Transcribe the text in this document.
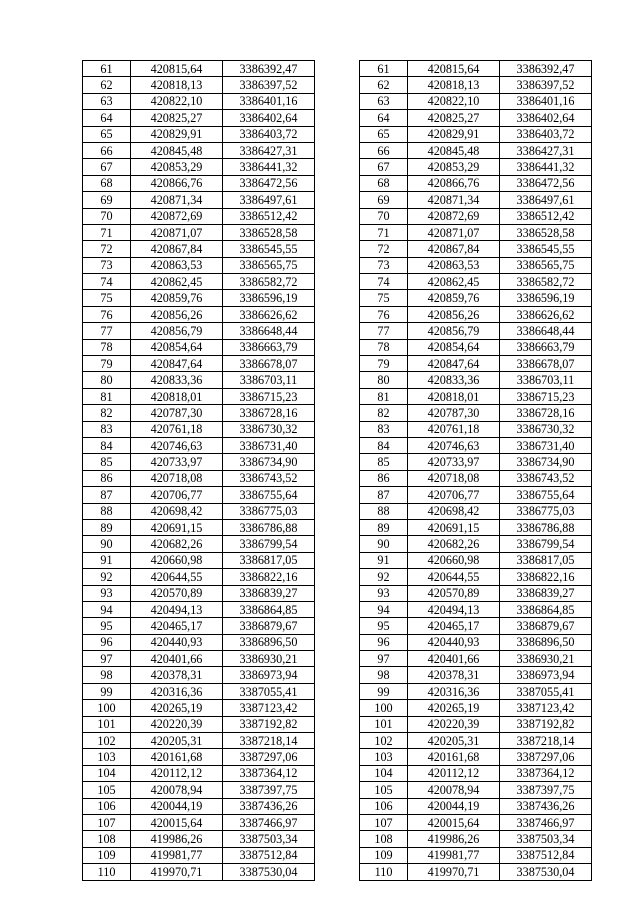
61	420815,64	3386392,47		61	420815,64	3386392,47
62	420818,13	3386397,52		62	420818,13	3386397,52
63	420822,10	3386401,16		63	420822,10	3386401,16
64	420825,27	3386402,64		64	420825,27	3386402,64
65	420829,91	3386403,72		65	420829,91	3386403,72
66	420845,48	3386427,31		66	420845,48	3386427,31
67	420853,29	3386441,32		67	420853,29	3386441,32
68	420866,76	3386472,56		68	420866,76	3386472,56
69	420871,34	3386497,61		69	420871,34	3386497,61
70	420872,69	3386512,42		70	420872,69	3386512,42
71	420871,07	3386528,58		71	420871,07	3386528,58
72	420867,84	3386545,55		72	420867,84	3386545,55
73	420863,53	3386565,75		73	420863,53	3386565,75
74	420862,45	3386582,72		74	420862,45	3386582,72
75	420859,76	3386596,19		75	420859,76	3386596,19
76	420856,26	3386626,62		76	420856,26	3386626,62
77	420856,79	3386648,44		77	420856,79	3386648,44
78	420854,64	3386663,79		78	420854,64	3386663,79
79	420847,64	3386678,07		79	420847,64	3386678,07
80	420833,36	3386703,11		80	420833,36	3386703,11
81	420818,01	3386715,23		81	420818,01	3386715,23
82	420787,30	3386728,16		82	420787,30	3386728,16
83	420761,18	3386730,32		83	420761,18	3386730,32
84	420746,63	3386731,40		84	420746,63	3386731,40
85	420733,97	3386734,90		85	420733,97	3386734,90
86	420718,08	3386743,52		86	420718,08	3386743,52
87	420706,77	3386755,64		87	420706,77	3386755,64
88	420698,42	3386775,03		88	420698,42	3386775,03
89	420691,15	3386786,88		89	420691,15	3386786,88
90	420682,26	3386799,54		90	420682,26	3386799,54
91	420660,98	3386817,05		91	420660,98	3386817,05
92	420644,55	3386822,16		92	420644,55	3386822,16
93	420570,89	3386839,27		93	420570,89	3386839,27
94	420494,13	3386864,85		94	420494,13	3386864,85
95	420465,17	3386879,67		95	420465,17	3386879,67
96	420440,93	3386896,50		96	420440,93	3386896,50
97	420401,66	3386930,21		97	420401,66	3386930,21
98	420378,31	3386973,94		98	420378,31	3386973,94
99	420316,36	3387055,41		99	420316,36	3387055,41
100	420265,19	3387123,42		100	420265,19	3387123,42
101	420220,39	3387192,82		101	420220,39	3387192,82
102	420205,31	3387218,14		102	420205,31	3387218,14
103	420161,68	3387297,06		103	420161,68	3387297,06
104	420112,12	3387364,12		104	420112,12	3387364,12
105	420078,94	3387397,75		105	420078,94	3387397,75
106	420044,19	3387436,26		106	420044,19	3387436,26
107	420015,64	3387466,97		107	420015,64	3387466,97
108	419986,26	3387503,34		108	419986,26	3387503,34
109	419981,77	3387512,84		109	419981,77	3387512,84
110	419970,71	3387530,04		110	419970,71	3387530,04
